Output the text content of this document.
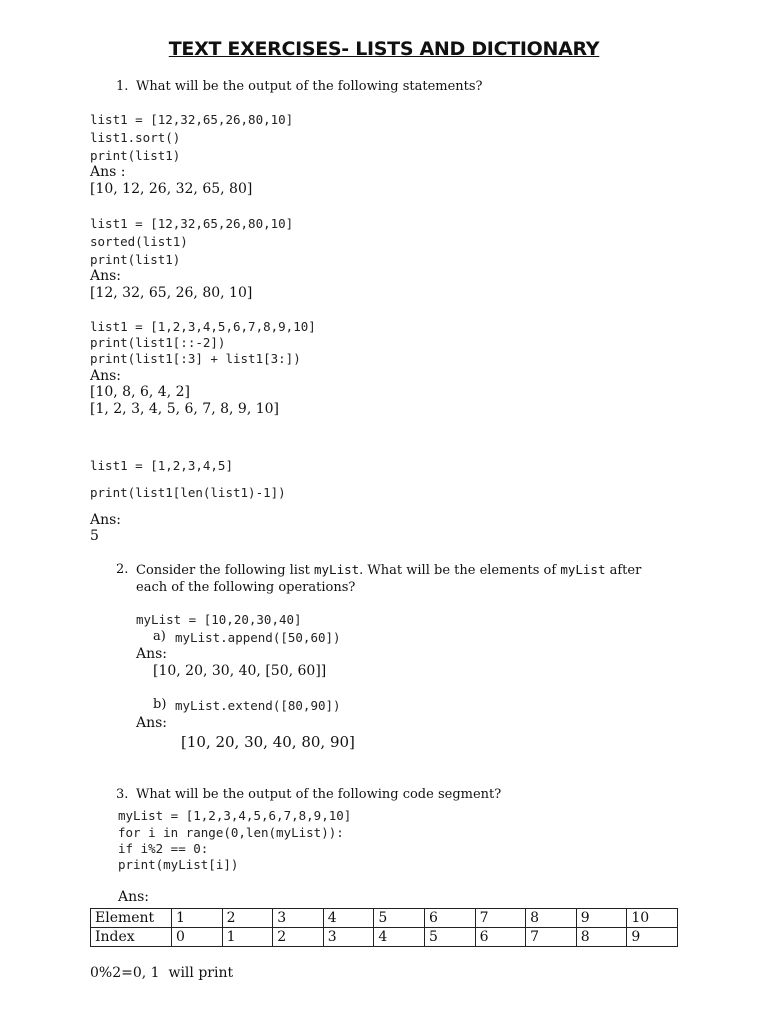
TEXT EXERCISES- LISTS AND DICTIONARY
1. What will be the output of the following statements?
list1 = [12,32,65,26,80,10]
list1.sort()
print(list1)
Ans :
[10, 12, 26, 32, 65, 80]
list1 = [12,32,65,26,80,10]
sorted(list1)
print(list1)
Ans:
[12, 32, 65, 26, 80, 10]
list1 = [1,2,3,4,5,6,7,8,9,10]
print(list1[::-2])
print(list1[:3] + list1[3:])
Ans:
[10, 8, 6, 4, 2]
[1, 2, 3, 4, 5, 6, 7, 8, 9, 10]
list1 = [1,2,3,4,5]
print(list1[len(list1)-1])
Ans:
5
2. Consider the following list myList. What will be the elements of myList after
each of the following operations?
myList = [10,20,30,40]
a) myList.append([50,60])
Ans:
[10, 20, 30, 40, [50, 60]]
b) myList.extend([80,90])
Ans:
[10, 20, 30, 40, 80, 90]
3. What will be the output of the following code segment?
myList = [1,2,3,4,5,6,7,8,9,10]
for i in range(0,len(myList)):
if i%2 == 0:
print(myList[i])
Ans:
Element	1	2	3	4	5	6	7	8	9	10
Index	0	1	2	3	4	5	6	7	8	9
0%2=0, 1  will print
